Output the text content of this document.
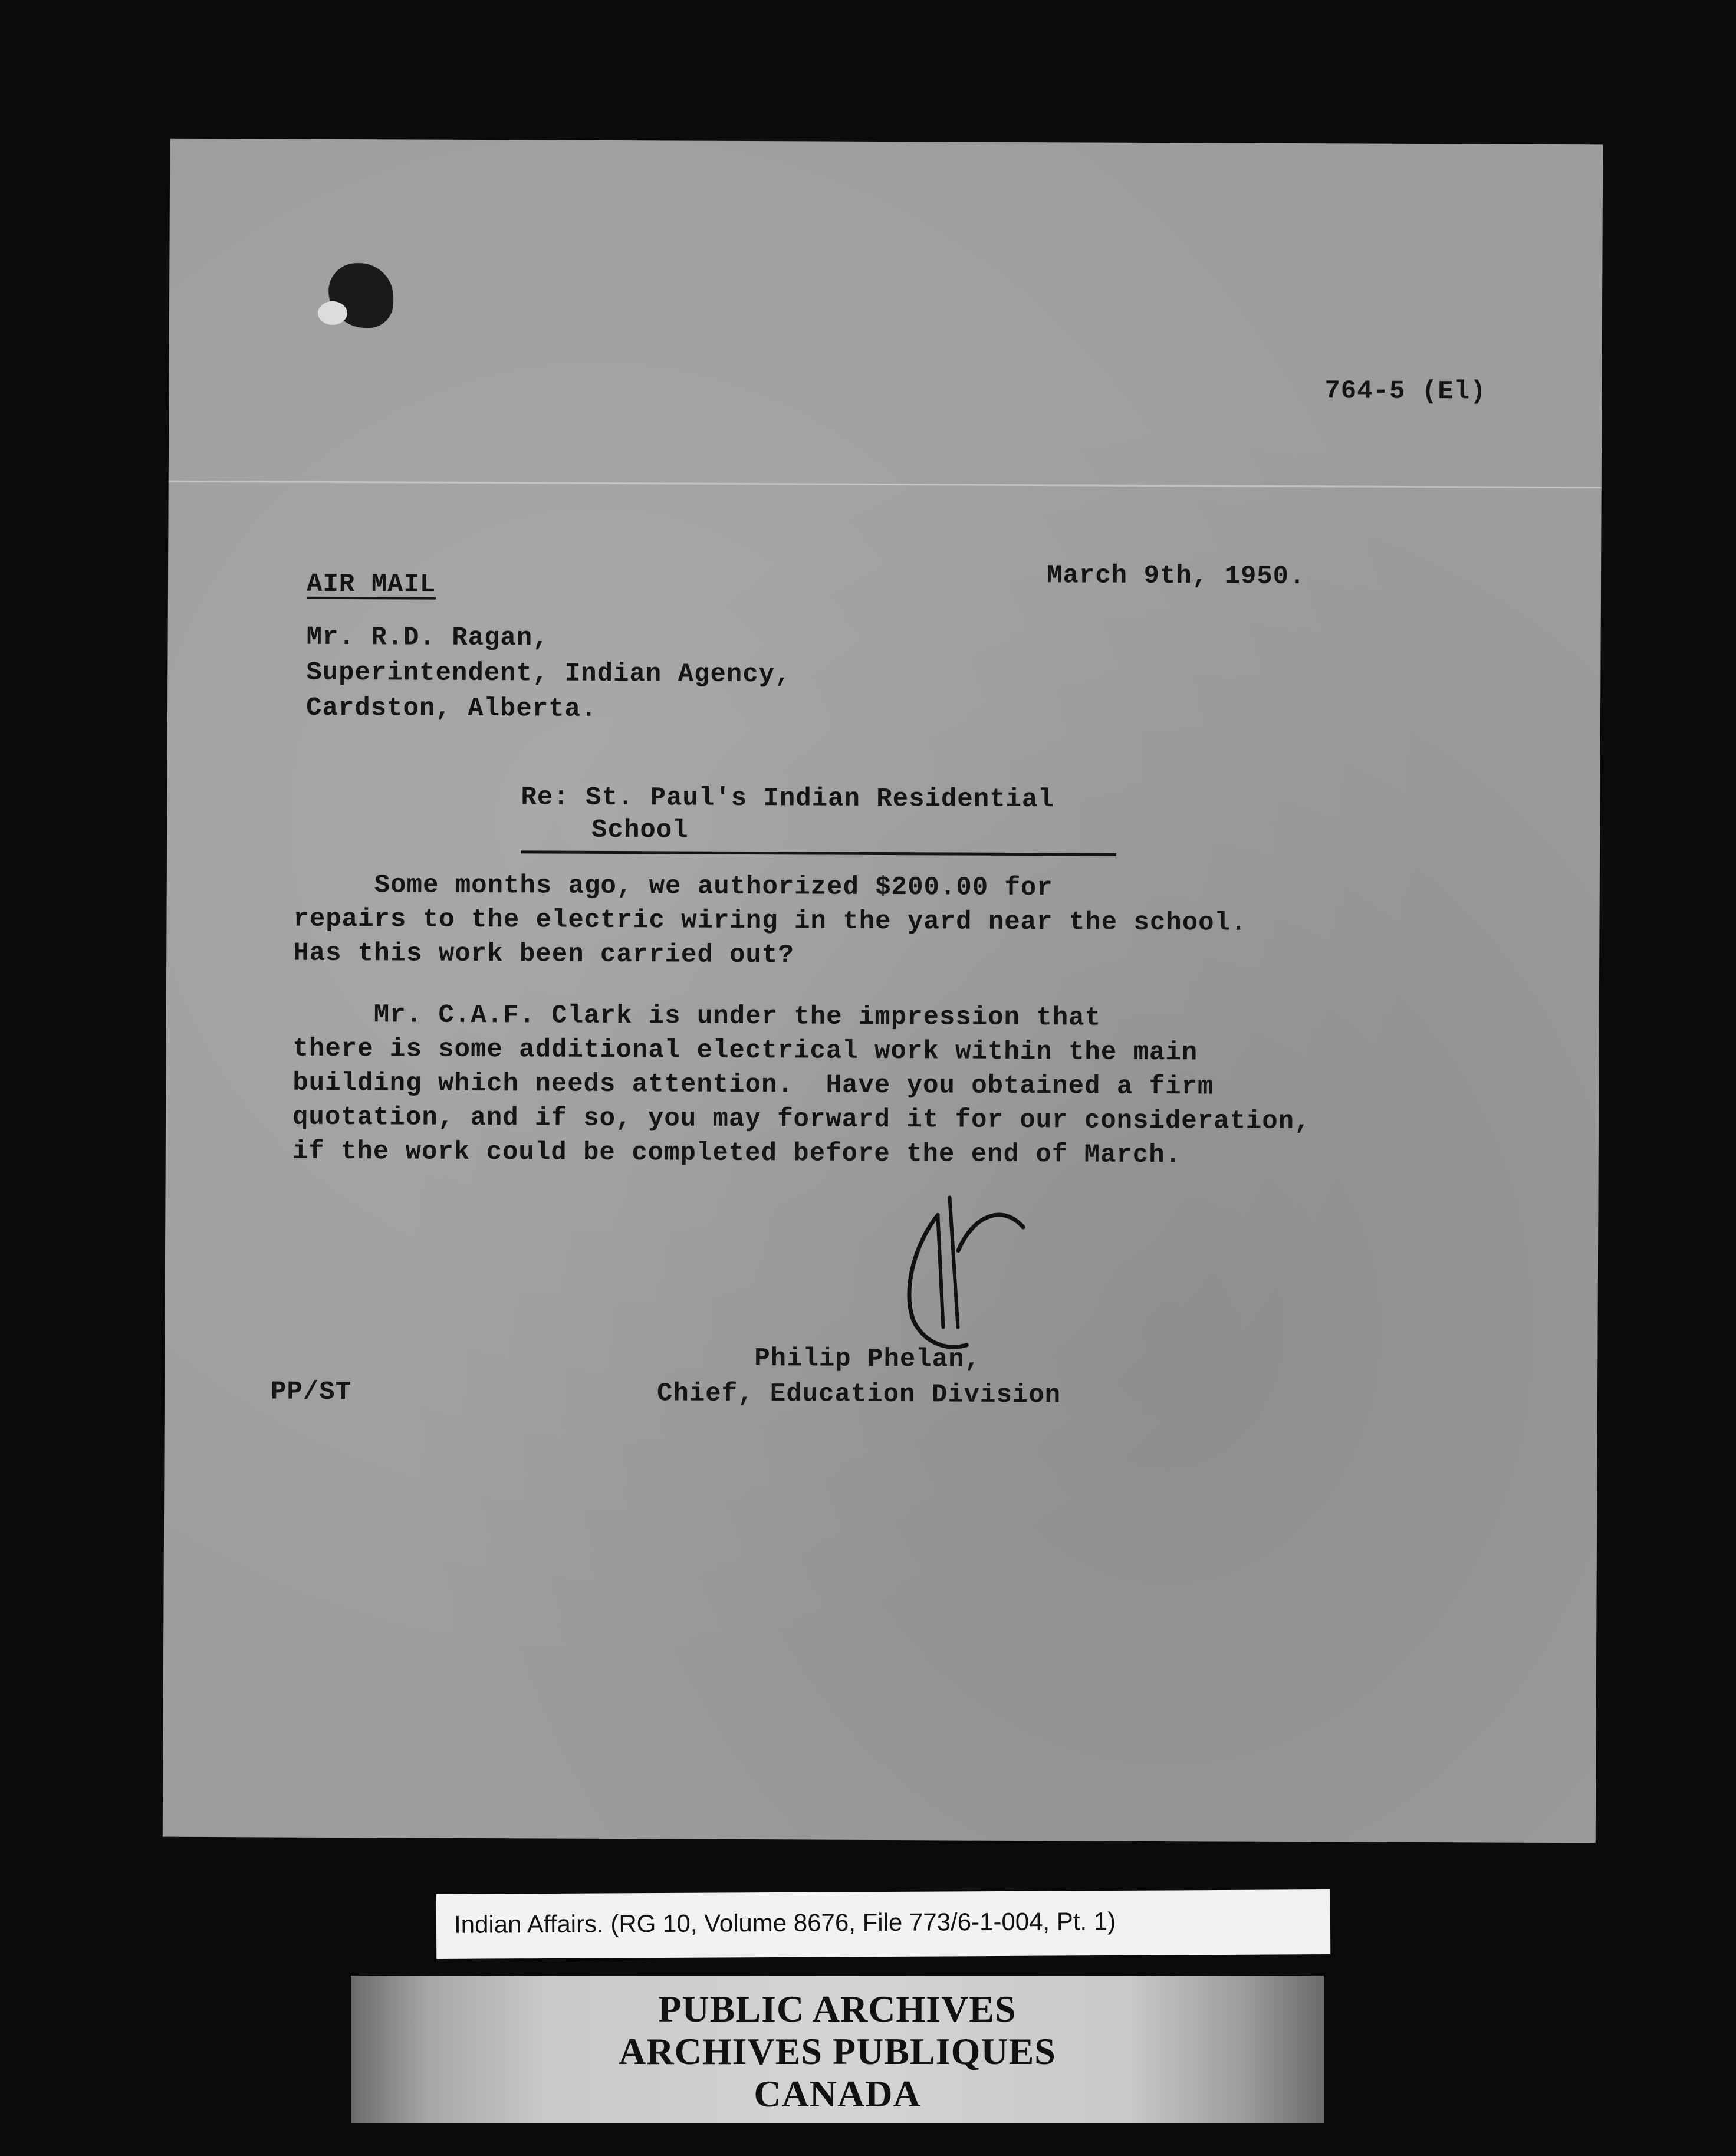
764-5 (El)
AIR MAIL	March 9th, 1950.
Mr. R.D. Ragan,
Superintendent, Indian Agency,
Cardston, Alberta.
Re: St. Paul's Indian Residential
School
Some months ago, we authorized $200.00 for
repairs to the electric wiring in the yard near the school.
Has this work been carried out?
Mr. C.A.F. Clark is under the impression that
there is some additional electrical work within the main
building which needs attention.  Have you obtained a firm
quotation, and if so, you may forward it for our consideration,
if the work could be completed before the end of March.
PP/ST
Philip Phelan,
Chief, Education Division
Indian Affairs. (RG 10, Volume 8676, File 773/6-1-004, Pt. 1)
PUBLIC ARCHIVES
ARCHIVES PUBLIQUES
CANADA
